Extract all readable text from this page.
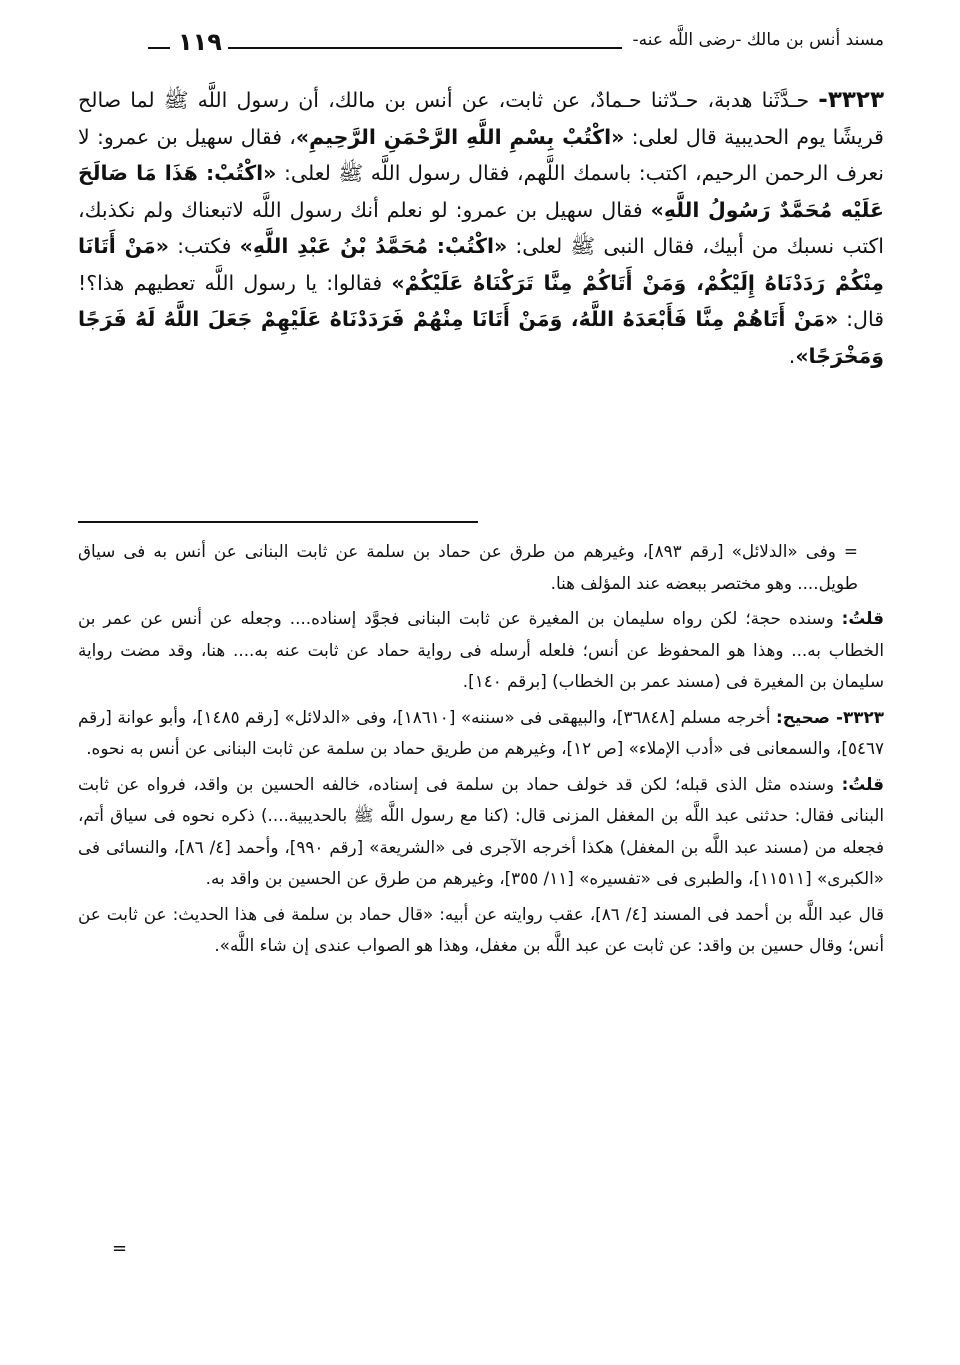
مسند أنس بن مالك -رضى اللَّه عنه-
١١٩

٣٣٢٣- حـدَّثَنا هدبة، حـدّثنا حـمادٌ، عن ثابت، عن أنس بن مالك، أن رسول اللَّه ﷺ لما صالح قريشًا يوم الحديبية قال لعلى: «اكْتُبْ بِسْمِ اللَّهِ الرَّحْمَنِ الرَّحِيمِ»، فقال سهيل بن عمرو: لا نعرف الرحمن الرحيم، اكتب: باسمك اللَّهم، فقال رسول اللَّه ﷺ لعلى: «اكْتُبْ: هَذَا مَا صَالَحَ عَلَيْه مُحَمَّدٌ رَسُولُ اللَّهِ» فقال سهيل بن عمرو: لو نعلم أنك رسول اللَّه لاتبعناك ولم نكذبك، اكتب نسبك من أبيك، فقال النبى ﷺ لعلى: «اكْتُبْ: مُحَمَّدُ بْنُ عَبْدِ اللَّهِ» فكتب: «مَنْ أَتَانَا مِنْكُمْ رَدَدْنَاهُ إِلَيْكُمْ، وَمَنْ أَتَاكُمْ مِنَّا تَرَكْنَاهُ عَلَيْكُمْ» فقالوا: يا رسول اللَّه تعطيهم هذا؟! قال: «مَنْ أَتَاهُمْ مِنَّا فَأَبْعَدَهُ اللَّهُ، وَمَنْ أَتَانَا مِنْهُمْ فَرَدَدْنَاهُ عَلَيْهِمْ جَعَلَ اللَّهُ لَهُ فَرَجًا وَمَخْرَجًا».

= وفى «الدلائل» [رقم ٨٩٣]، وغيرهم من طرق عن حماد بن سلمة عن ثابت البنانى عن أنس به فى سياق طويل.... وهو مختصر ببعضه عند المؤلف هنا.

قلتُ: وسنده حجة؛ لكن رواه سليمان بن المغيرة عن ثابت البنانى فجوَّد إسناده.... وجعله عن أنس عن عمر بن الخطاب به... وهذا هو المحفوظ عن أنس؛ فلعله أرسله فى رواية حماد عن ثابت عنه به.... هنا، وقد مضت رواية سليمان بن المغيرة فى (مسند عمر بن الخطاب) [برقم ١٤٠].

٣٣٢٣- صحيح: أخرجه مسلم [٣٦٨٤٨]، والبيهقى فى «سننه» [١٨٦١٠]، وفى «الدلائل» [رقم ١٤٨٥]، وأبو عوانة [رقم ٥٤٦٧]، والسمعانى فى «أدب الإملاء» [ص ١٢]، وغيرهم من طريق حماد بن سلمة عن ثابت البنانى عن أنس به نحوه.

قلتُ: وسنده مثل الذى قبله؛ لكن قد خولف حماد بن سلمة فى إسناده، خالفه الحسين بن واقد، فرواه عن ثابت البنانى فقال: حدثنى عبد اللَّه بن المغفل المزنى قال: (كنا مع رسول اللَّه ﷺ بالحديبية....) ذكره نحوه فى سياق أتم، فجعله من (مسند عبد اللَّه بن المغفل) هكذا أخرجه الآجرى فى «الشريعة» [رقم ٩٩٠]، وأحمد [٤/ ٨٦]، والنسائى فى «الكبرى» [١١٥١١]، والطبرى فى «تفسيره» [١١/ ٣٥٥]، وغيرهم من طرق عن الحسين بن واقد به.

قال عبد اللَّه بن أحمد فى المسند [٤/ ٨٦]، عقب روايته عن أبيه: «قال حماد بن سلمة فى هذا الحديث: عن ثابت عن أنس؛ وقال حسين بن واقد: عن ثابت عن عبد اللَّه بن مغفل، وهذا هو الصواب عندى إن شاء اللَّه».

=
